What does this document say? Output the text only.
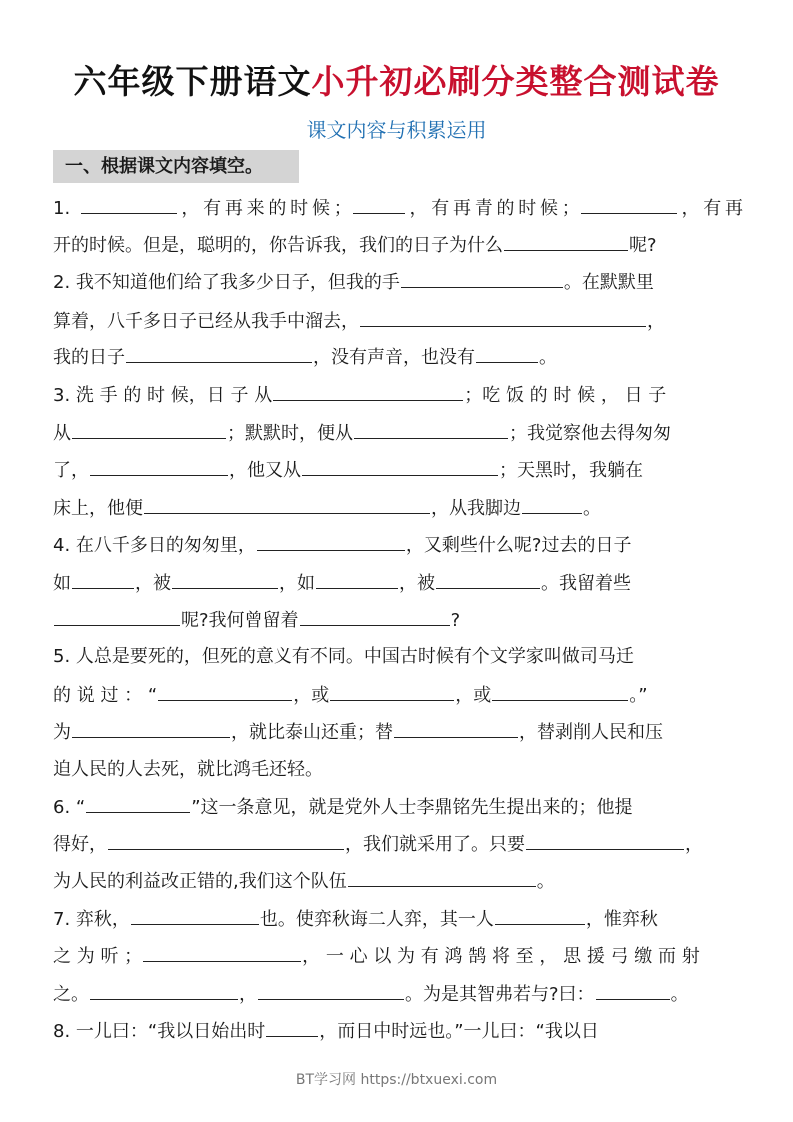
六年级下册语文小升初必刷分类整合测试卷
课文内容与积累运用
一、根据课文内容填空。
1.	，有再来的时候；	，有再青的时候；	，有再
开的时候。但是，聪明的，你告诉我，我们的日子为什么	呢?
2. 我不知道他们给了我多少日子，但我的手	。在默默里
算着，八千多日子已经从我手中溜去，	，
我的日子	，没有声音，也没有	。
3. 洗 手 的 时 候，日 子 从	；吃 饭 的 时 候 ， 日 子
从	；默默时，便从	；我觉察他去得匆匆
了，	，他又从	；天黑时，我躺在
床上，他便	，从我脚边	。
4. 在八千多日的匆匆里，	，又剩些什么呢?过去的日子
如	，被	，如	，被	。我留着些
呢?我何曾留着	?
5. 人总是要死的，但死的意义有不同。中国古时候有个文学家叫做司马迁
的 说 过 ： “	，或	，或	。”
为	，就比泰山还重；替	，替剥削人民和压
迫人民的人去死，就比鸿毛还轻。
6. “	”这一条意见，就是党外人士李鼎铭先生提出来的；他提
得好，	，我们就采用了。只要	，
为人民的利益改正错的,我们这个队伍	。
7. 弈秋，	也。使弈秋诲二人弈，其一人	，惟弈秋
之 为 听 ；	， 一 心 以 为 有 鸿 鹄 将 至 ， 思 援 弓 缴 而 射
之。	，	。为是其智弗若与?曰：	。
8. 一儿曰：“我以日始出时	，而日中时远也。”一儿曰：“我以日
BT学习网 https://btxuexi.com
